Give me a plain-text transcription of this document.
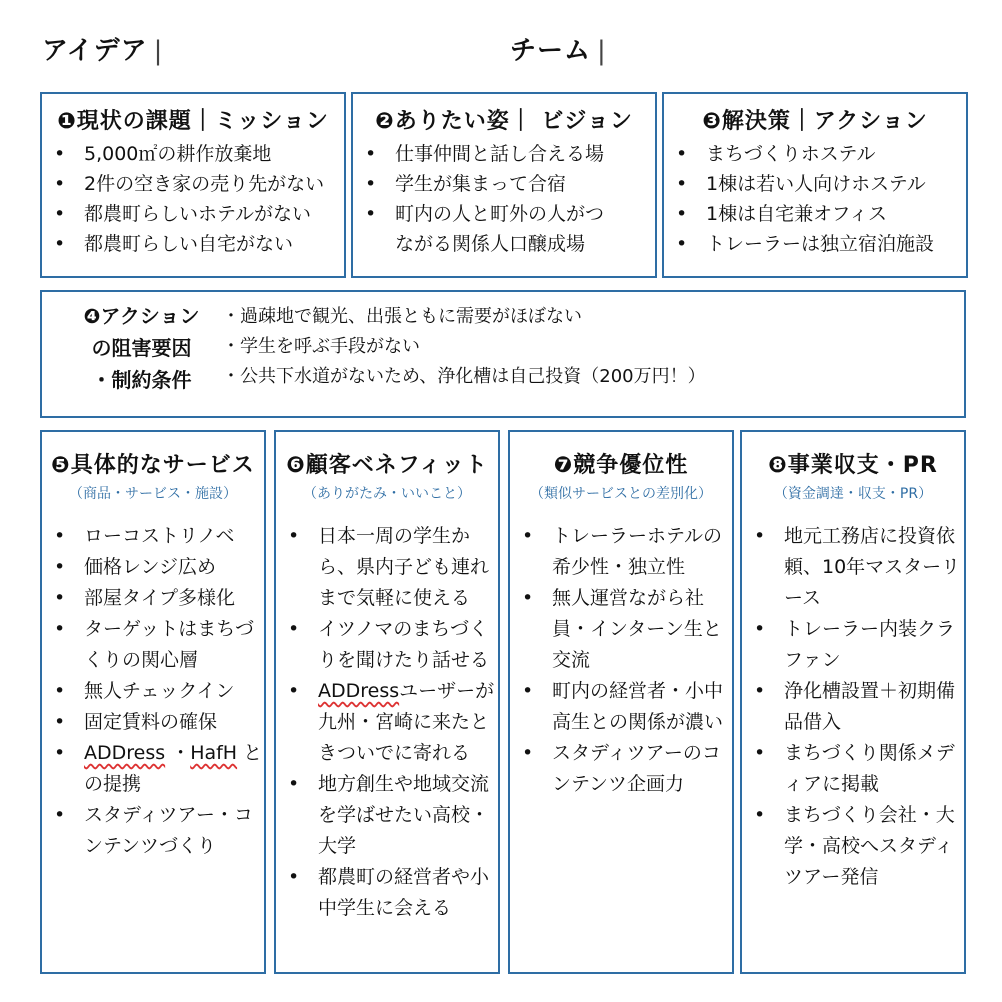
アイデア |	チーム |
❶現状の課題｜ミッション
• 5,000㎡の耕作放棄地
• 2件の空き家の売り先がない
• 都農町らしいホテルがない
• 都農町らしい自宅がない
❷ありたい姿｜ ビジョン
• 仕事仲間と話し合える場
• 学生が集まって合宿
• 町内の人と町外の人がつながる関係人口醸成場
❸解決策｜アクション
• まちづくりホステル
• 1棟は若い人向けホステル
• 1棟は自宅兼オフィス
• トレーラーは独立宿泊施設
❹アクション
の阻害要因
・制約条件
・過疎地で観光、出張ともに需要がほぼない
・学生を呼ぶ手段がない
・公共下水道がないため、浄化槽は自己投資（200万円！）
❺具体的なサービス
（商品・サービス・施設）
• ローコストリノベ
• 価格レンジ広め
• 部屋タイプ多様化
• ターゲットはまちづくりの関心層
• 無人チェックイン
• 固定賃料の確保
• ADDress ・HafH との提携
• スタディツアー・コンテンツづくり
❻顧客ベネフィット
（ありがたみ・いいこと）
• 日本一周の学生から、県内子ども連れまで気軽に使える
• イツノマのまちづくりを聞けたり話せる
• ADDressユーザーが九州・宮崎に来たときついでに寄れる
• 地方創生や地域交流を学ばせたい高校・大学
• 都農町の経営者や小中学生に会える
❼競争優位性
（類似サービスとの差別化）
• トレーラーホテルの希少性・独立性
• 無人運営ながら社員・インターン生と交流
• 町内の経営者・小中高生との関係が濃い
• スタディツアーのコンテンツ企画力
❽事業収支・PR
（資金調達・収支・PR）
• 地元工務店に投資依頼、10年マスターリース
• トレーラー内装クラファン
• 浄化槽設置＋初期備品借入
• まちづくり関係メディアに掲載
• まちづくり会社・大学・高校へスタディツアー発信
